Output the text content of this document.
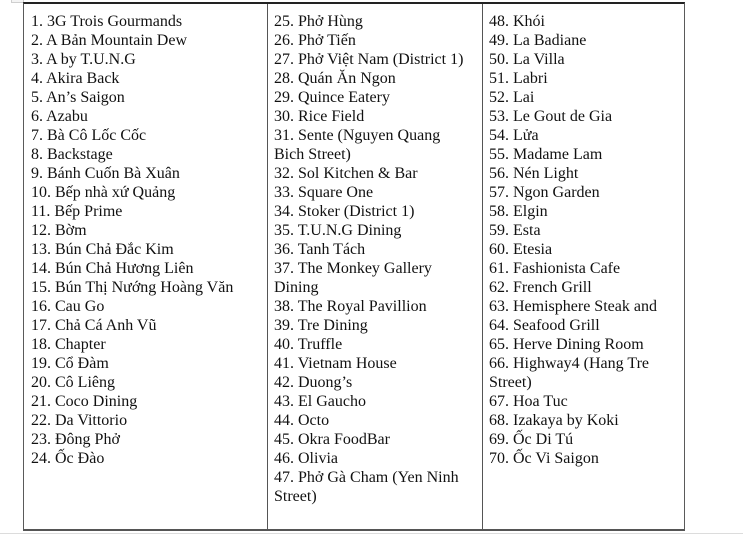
1. 3G Trois Gourmands
2. A Bản Mountain Dew
3. A by T.U.N.G
4. Akira Back
5. An’s Saigon
6. Azabu
7. Bà Cô Lốc Cốc
8. Backstage
9. Bánh Cuốn Bà Xuân
10. Bếp nhà xứ Quảng
11. Bếp Prime
12. Bờm
13. Bún Chả Đắc Kim
14. Bún Chả Hương Liên
15. Bún Thị Nướng Hoàng Văn
16. Cau Go
17. Chả Cá Anh Vũ
18. Chapter
19. Cổ Đàm
20. Cô Liêng
21. Coco Dining
22. Da Vittorio
23. Đông Phở
24. Ốc Đào
25. Phở Hùng
26. Phở Tiến
27. Phở Việt Nam (District 1)
28. Quán Ăn Ngon
29. Quince Eatery
30. Rice Field
31. Sente (Nguyen Quang Bich Street)
32. Sol Kitchen & Bar
33. Square One
34. Stoker (District 1)
35. T.U.N.G Dining
36. Tanh Tách
37. The Monkey Gallery Dining
38. The Royal Pavillion
39. Tre Dining
40. Truffle
41. Vietnam House
42. Duong’s
43. El Gaucho
44. Octo
45. Okra FoodBar
46. Olivia
47. Phở Gà Cham (Yen Ninh Street)
48. Khói
49. La Badiane
50. La Villa
51. Labri
52. Lai
53. Le Gout de Gia
54. Lửa
55. Madame Lam
56. Nén Light
57. Ngon Garden
58. Elgin
59. Esta
60. Etesia
61. Fashionista Cafe
62. French Grill
63. Hemisphere Steak and
64. Seafood Grill
65. Herve Dining Room
66. Highway4 (Hang Tre Street)
67. Hoa Tuc
68. Izakaya by Koki
69. Ốc Di Tú
70. Ốc Vi Saigon
